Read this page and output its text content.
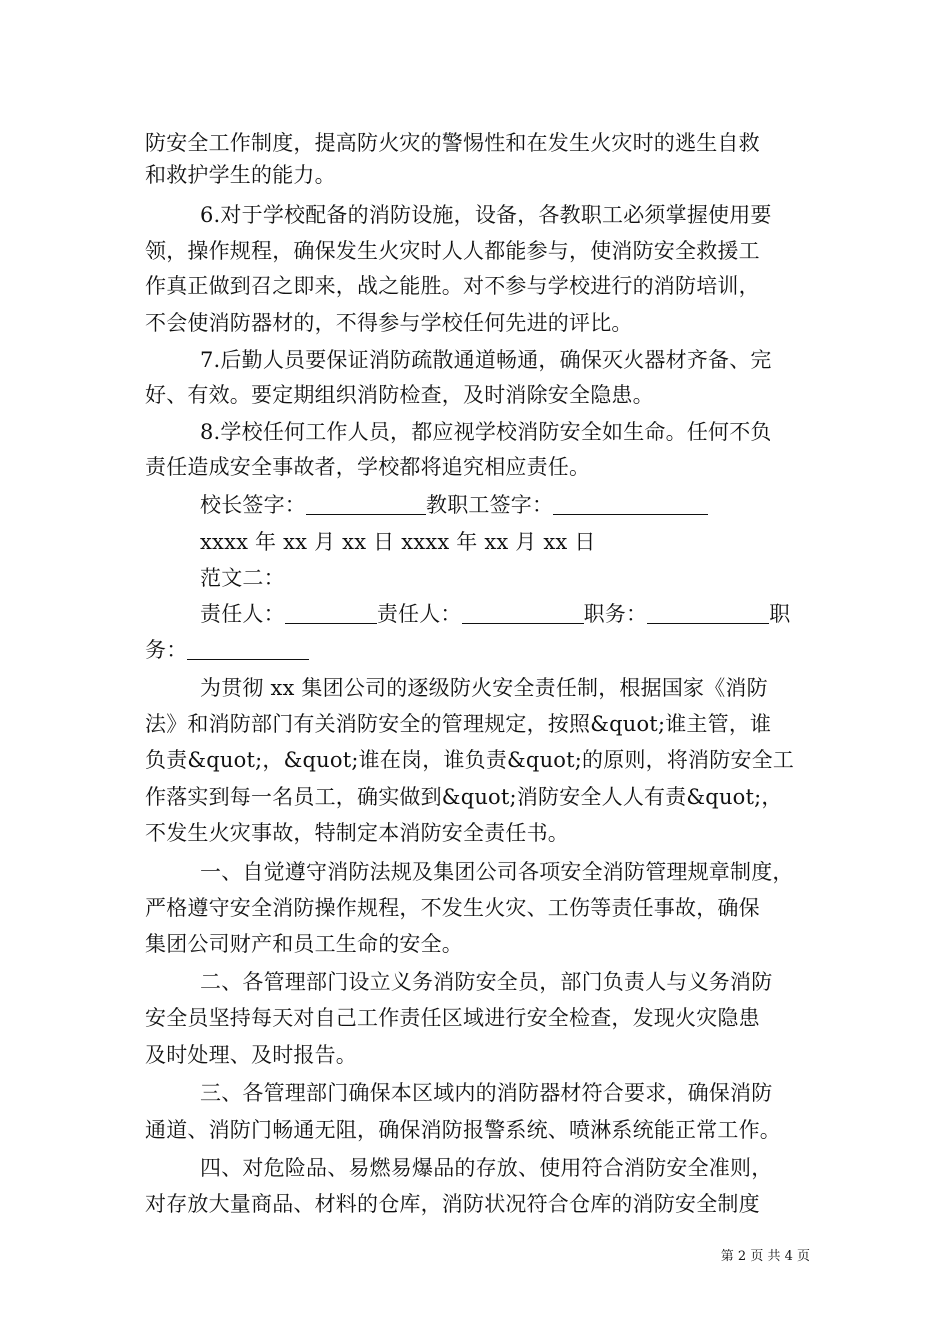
防安全工作制度，提高防火灾的警惕性和在发生火灾时的逃生自救
和救护学生的能力。
6.对于学校配备的消防设施，设备，各教职工必须掌握使用要
领，操作规程，确保发生火灾时人人都能参与，使消防安全救援工
作真正做到召之即来，战之能胜。对不参与学校进行的消防培训，
不会使消防器材的，不得参与学校任何先进的评比。
7.后勤人员要保证消防疏散通道畅通，确保灭火器材齐备、完
好、有效。要定期组织消防检查，及时消除安全隐患。
8.学校任何工作人员，都应视学校消防安全如生命。任何不负
责任造成安全事故者，学校都将追究相应责任。
校长签字：	教职工签字：
xxxx 年 xx 月 xx 日 xxxx 年 xx 月 xx 日
范文二：
责任人：	责任人：	职务：	职
务：
为贯彻 xx 集团公司的逐级防火安全责任制，根据国家《消防
法》和消防部门有关消防安全的管理规定，按照&quot;谁主管，谁
负责&quot;，&quot;谁在岗，谁负责&quot;的原则，将消防安全工
作落实到每一名员工，确实做到&quot;消防安全人人有责&quot;，
不发生火灾事故，特制定本消防安全责任书。
一、自觉遵守消防法规及集团公司各项安全消防管理规章制度，
严格遵守安全消防操作规程，不发生火灾、工伤等责任事故，确保
集团公司财产和员工生命的安全。
二、各管理部门设立义务消防安全员，部门负责人与义务消防
安全员坚持每天对自己工作责任区域进行安全检查，发现火灾隐患
及时处理、及时报告。
三、各管理部门确保本区域内的消防器材符合要求，确保消防
通道、消防门畅通无阻，确保消防报警系统、喷淋系统能正常工作。
四、对危险品、易燃易爆品的存放、使用符合消防安全准则，
对存放大量商品、材料的仓库，消防状况符合仓库的消防安全制度
第 2 页 共 4 页
